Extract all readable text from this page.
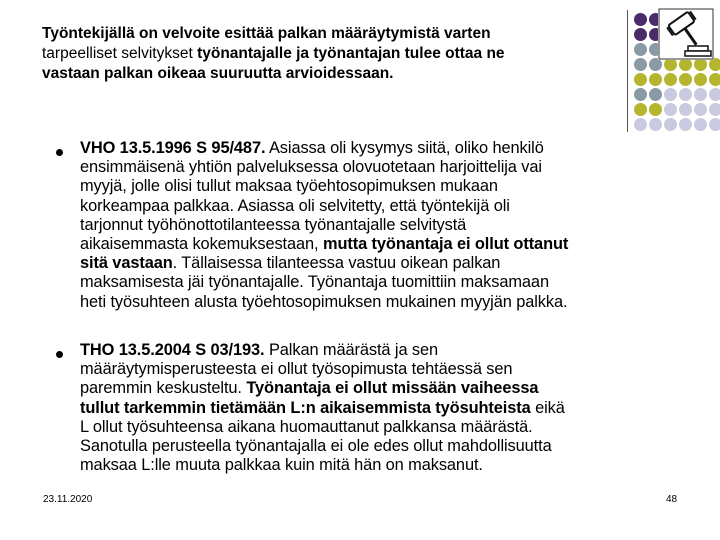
Työntekijällä on velvoite esittää palkan määräytymistä varten
tarpeelliset selvitykset työnantajalle ja työnantajan tulee ottaa ne
vastaan palkan oikeaa suuruutta arvioidessaan.
VHO 13.5.1996 S 95/487. Asiassa oli kysymys siitä, oliko henkilö
ensimmäisenä yhtiön palveluksessa olovuotetaan harjoittelija vai
myyjä, jolle olisi tullut maksaa työehtosopimuksen mukaan
korkeampaa palkkaa. Asiassa oli selvitetty, että työntekijä oli
tarjonnut työhönottotilanteessa työnantajalle selvitystä
aikaisemmasta kokemuksestaan, mutta työnantaja ei ollut ottanut
sitä vastaan. Tällaisessa tilanteessa vastuu oikean palkan
maksamisesta jäi työnantajalle. Työnantaja tuomittiin maksamaan
heti työsuhteen alusta työehtosopimuksen mukainen myyjän palkka.
THO 13.5.2004 S 03/193. Palkan määrästä ja sen
määräytymisperusteesta ei ollut työsopimusta tehtäessä sen
paremmin keskusteltu. Työnantaja ei ollut missään vaiheessa
tullut tarkemmin tietämään L:n aikaisemmista työsuhteista eikä
L ollut työsuhteensa aikana huomauttanut palkkansa määrästä.
Sanotulla perusteella työnantajalla ei ole edes ollut mahdollisuutta
maksaa L:lle muuta palkkaa kuin mitä hän on maksanut.
23.11.2020	48
